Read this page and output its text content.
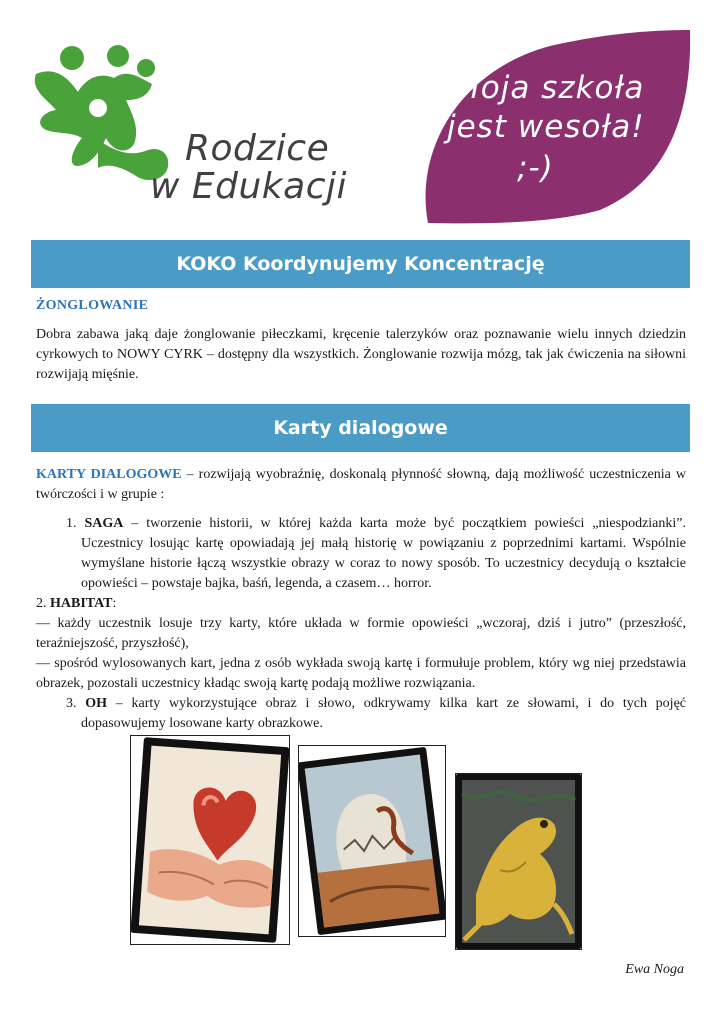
Rodzice
w Edukacji
Moja szkoła
jest wesoła!
;-)
KOKO Koordynujemy Koncentrację
ŻONGLOWANIE
Dobra zabawa jaką daje żonglowanie piłeczkami, kręcenie talerzyków oraz poznawanie wielu innych dziedzin cyrkowych to NOWY CYRK – dostępny dla wszystkich. Żonglowanie rozwija mózg, tak jak ćwiczenia na siłowni rozwijają mięśnie.
Karty dialogowe
KARTY DIALOGOWE – rozwijają wyobraźnię, doskonalą płynność słowną, dają możliwość uczestniczenia w twórczości i w grupie :
1. SAGA – tworzenie historii, w której każda karta może być początkiem powieści „niespodzianki”. Uczestnicy losując kartę opowiadają jej małą historię w powiązaniu z poprzednimi kartami. Wspólnie wymyślane historie łączą wszystkie obrazy w coraz to nowy sposób. To uczestnicy decydują o kształcie opowieści – powstaje bajka, baśń, legenda, a czasem… horror.
2. HABITAT:
— każdy uczestnik losuje trzy karty, które układa w formie opowieści „wczoraj, dziś i jutro” (przeszłość, teraźniejszość, przyszłość),
— spośród wylosowanych kart, jedna z osób wykłada swoją kartę i formułuje problem, który wg niej przedstawia obrazek, pozostali uczestnicy kładąc swoją kartę podają możliwe rozwiązania.
3. OH – karty wykorzystujące obraz i słowo, odkrywamy kilka kart ze słowami, i do tych pojęć dopasowujemy losowane karty obrazkowe.
Ewa Noga
